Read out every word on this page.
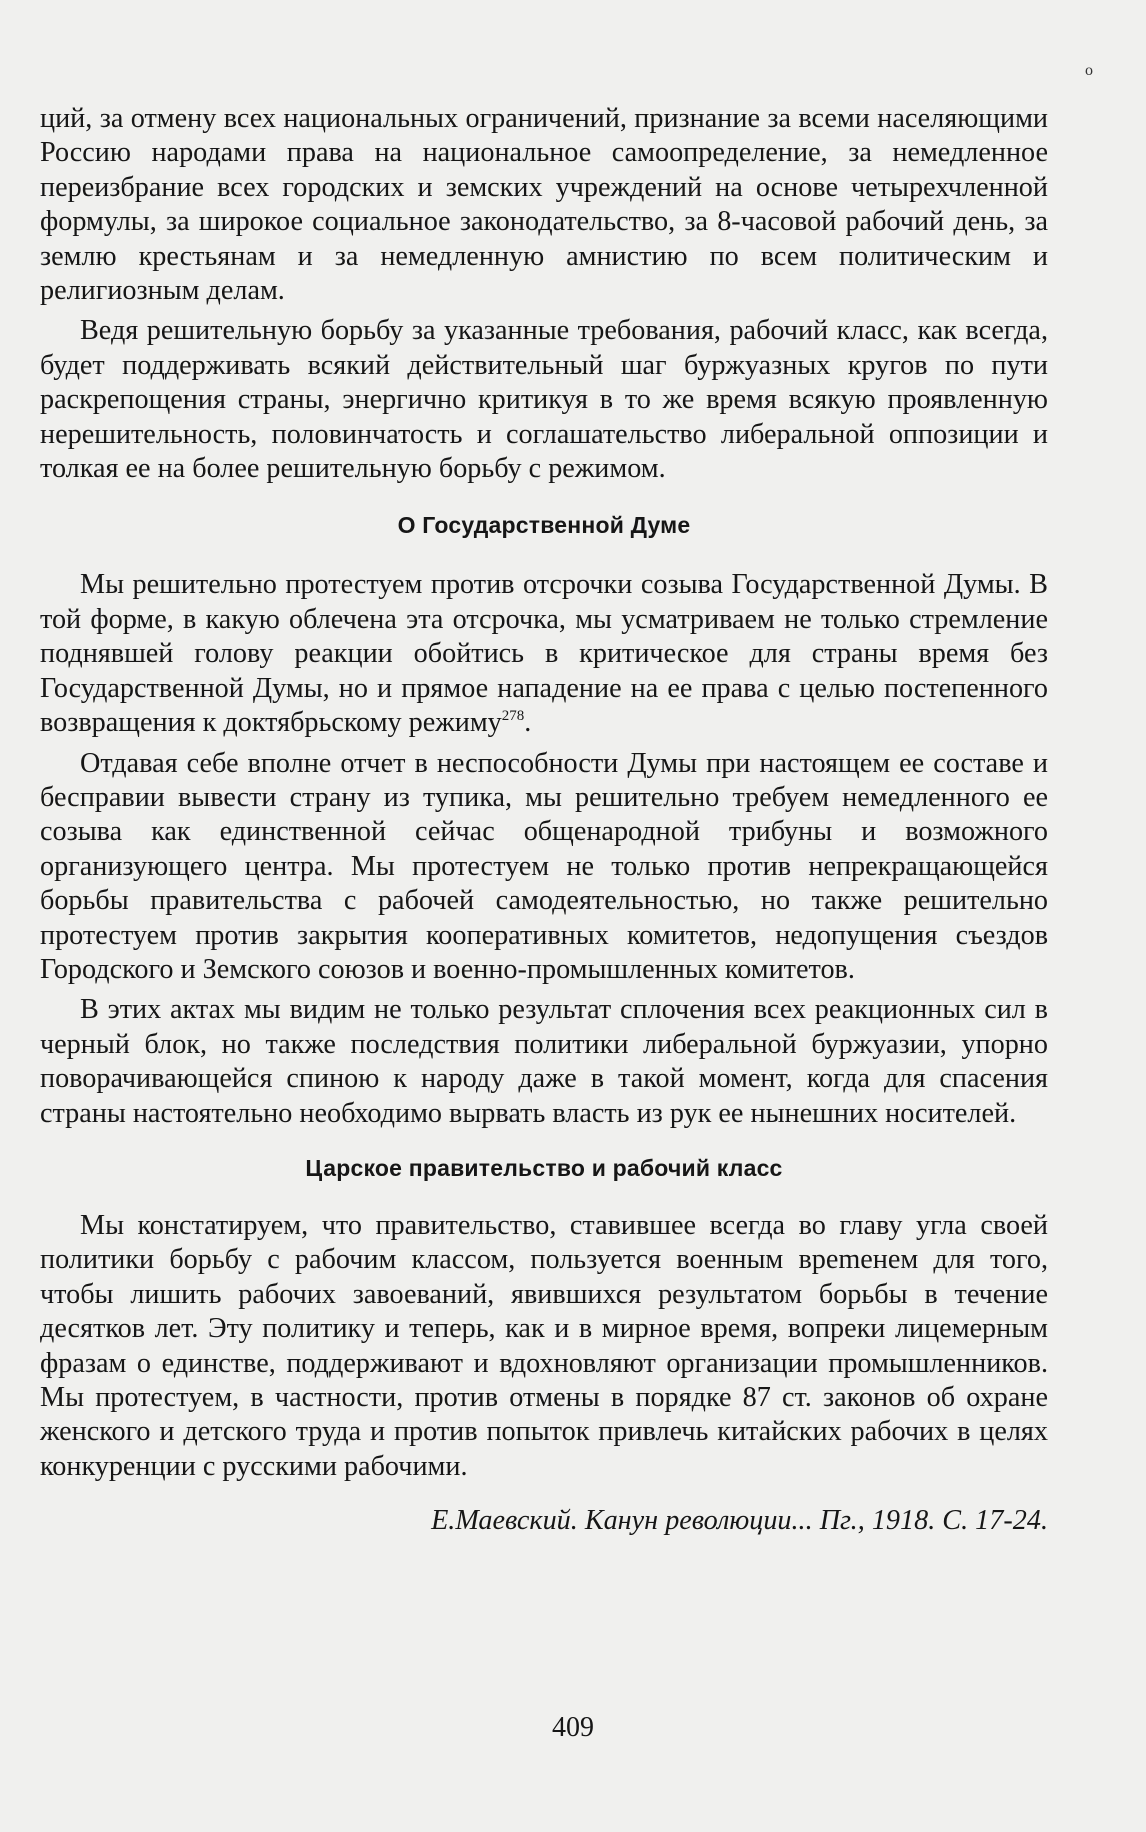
o

ций, за отмену всех национальных ограничений, признание за всеми населяющими Россию народами права на национальное самоопределение, за немедленное переизбрание всех городских и земских учреждений на основе четырехчленной формулы, за широкое социальное законодательство, за 8-часовой рабочий день, за землю крестьянам и за немедленную амнистию по всем политическим и религиозным делам.

Ведя решительную борьбу за указанные требования, рабочий класс, как всегда, будет поддерживать всякий действительный шаг буржуазных кругов по пути раскрепощения страны, энергично критикуя в то же время всякую проявленную нерешительность, половинчатость и соглашательство либеральной оппозиции и толкая ее на более решительную борьбу с режимом.

О Государственной Думе

Мы решительно протестуем против отсрочки созыва Государственной Думы. В той форме, в какую облечена эта отсрочка, мы усматриваем не только стремление поднявшей голову реакции обойтись в критическое для страны время без Государственной Думы, но и прямое нападение на ее права с целью постепенного возвращения к доктябрьскому режиму$^{278}$.

Отдавая себе вполне отчет в неспособности Думы при настоящем ее составе и бесправии вывести страну из тупика, мы решительно требуем немедленного ее созыва как единственной сейчас общенародной трибуны и возможного организующего центра. Мы протестуем не только против непрекращающейся борьбы правительства с рабочей самодеятельностью, но также решительно протестуем против закрытия кооперативных комитетов, недопущения съездов Городского и Земского союзов и военно-промышленных комитетов.

В этих актах мы видим не только результат сплочения всех реакционных сил в черный блок, но также последствия политики либеральной буржуазии, упорно поворачивающейся спиною к народу даже в такой момент, когда для спасения страны настоятельно необходимо вырвать власть из рук ее нынешних носителей.

Царское правительство и рабочий класс

Мы констатируем, что правительство, ставившее всегда во главу угла своей политики борьбу с рабочим классом, пользуется военным вреmенем для того, чтобы лишить рабочих завоеваний, явившихся результатом борьбы в течение десятков лет. Эту политику и теперь, как и в мирное время, вопреки лицемерным фразам о единстве, поддерживают и вдохновляют организации промышленников. Мы протестуем, в частности, против отмены в порядке 87 ст. законов об охране женского и детского труда и против попыток привлечь китайских рабочих в целях конкуренции с русскими рабочими.

Е.Маевский. Канун революции... Пг., 1918. С. 17-24.

409
